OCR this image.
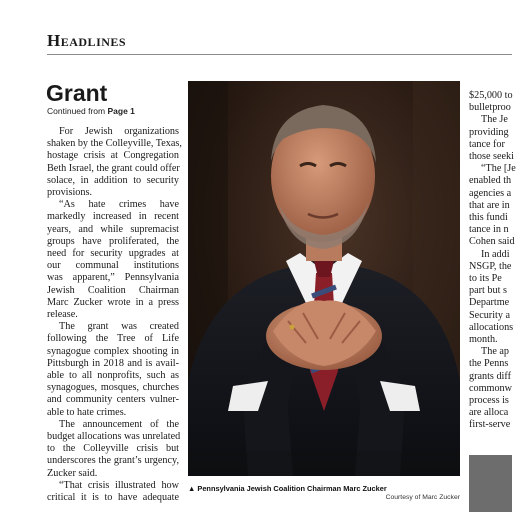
Headlines
Grant
Continued from Page 1
For Jewish organizations
shaken by the Colleyville, Texas,
hostage crisis at Congregation
Beth Israel, the grant could offer
solace, in addition to security
provisions.
“As hate crimes have
markedly increased in recent
years, and while supremacist
groups have proliferated, the
need for security upgrades at
our communal institutions
was apparent,” Pennsylvania
Jewish Coalition Chairman
Marc Zucker wrote in a press
release.
The grant was created
following the Tree of Life
synagogue complex shooting in
Pittsburgh in 2018 and is avail-
able to all nonprofits, such as
synagogues, mosques, churches
and community centers vulner-
able to hate crimes.
The announcement of the
budget allocations was unrelated
to the Colleyville crisis but
underscores the grant’s urgency,
Zucker said.
“That crisis illustrated how
critical it is to have adequate
▲ Pennsylvania Jewish Coalition Chairman Marc Zucker
Courtesy of Marc Zucker
$25,000 to
bulletproo
The Je
providing
tance for
those seeki
“The [Je
enabled th
agencies a
that are in
this fundi
tance in n
Cohen said
In addi
NSGP, the
to its Pe
part but s
Departme
Security a
allocations
month.
The ap
the Penns
grants diff
commonw
process is
are alloca
first-serve
